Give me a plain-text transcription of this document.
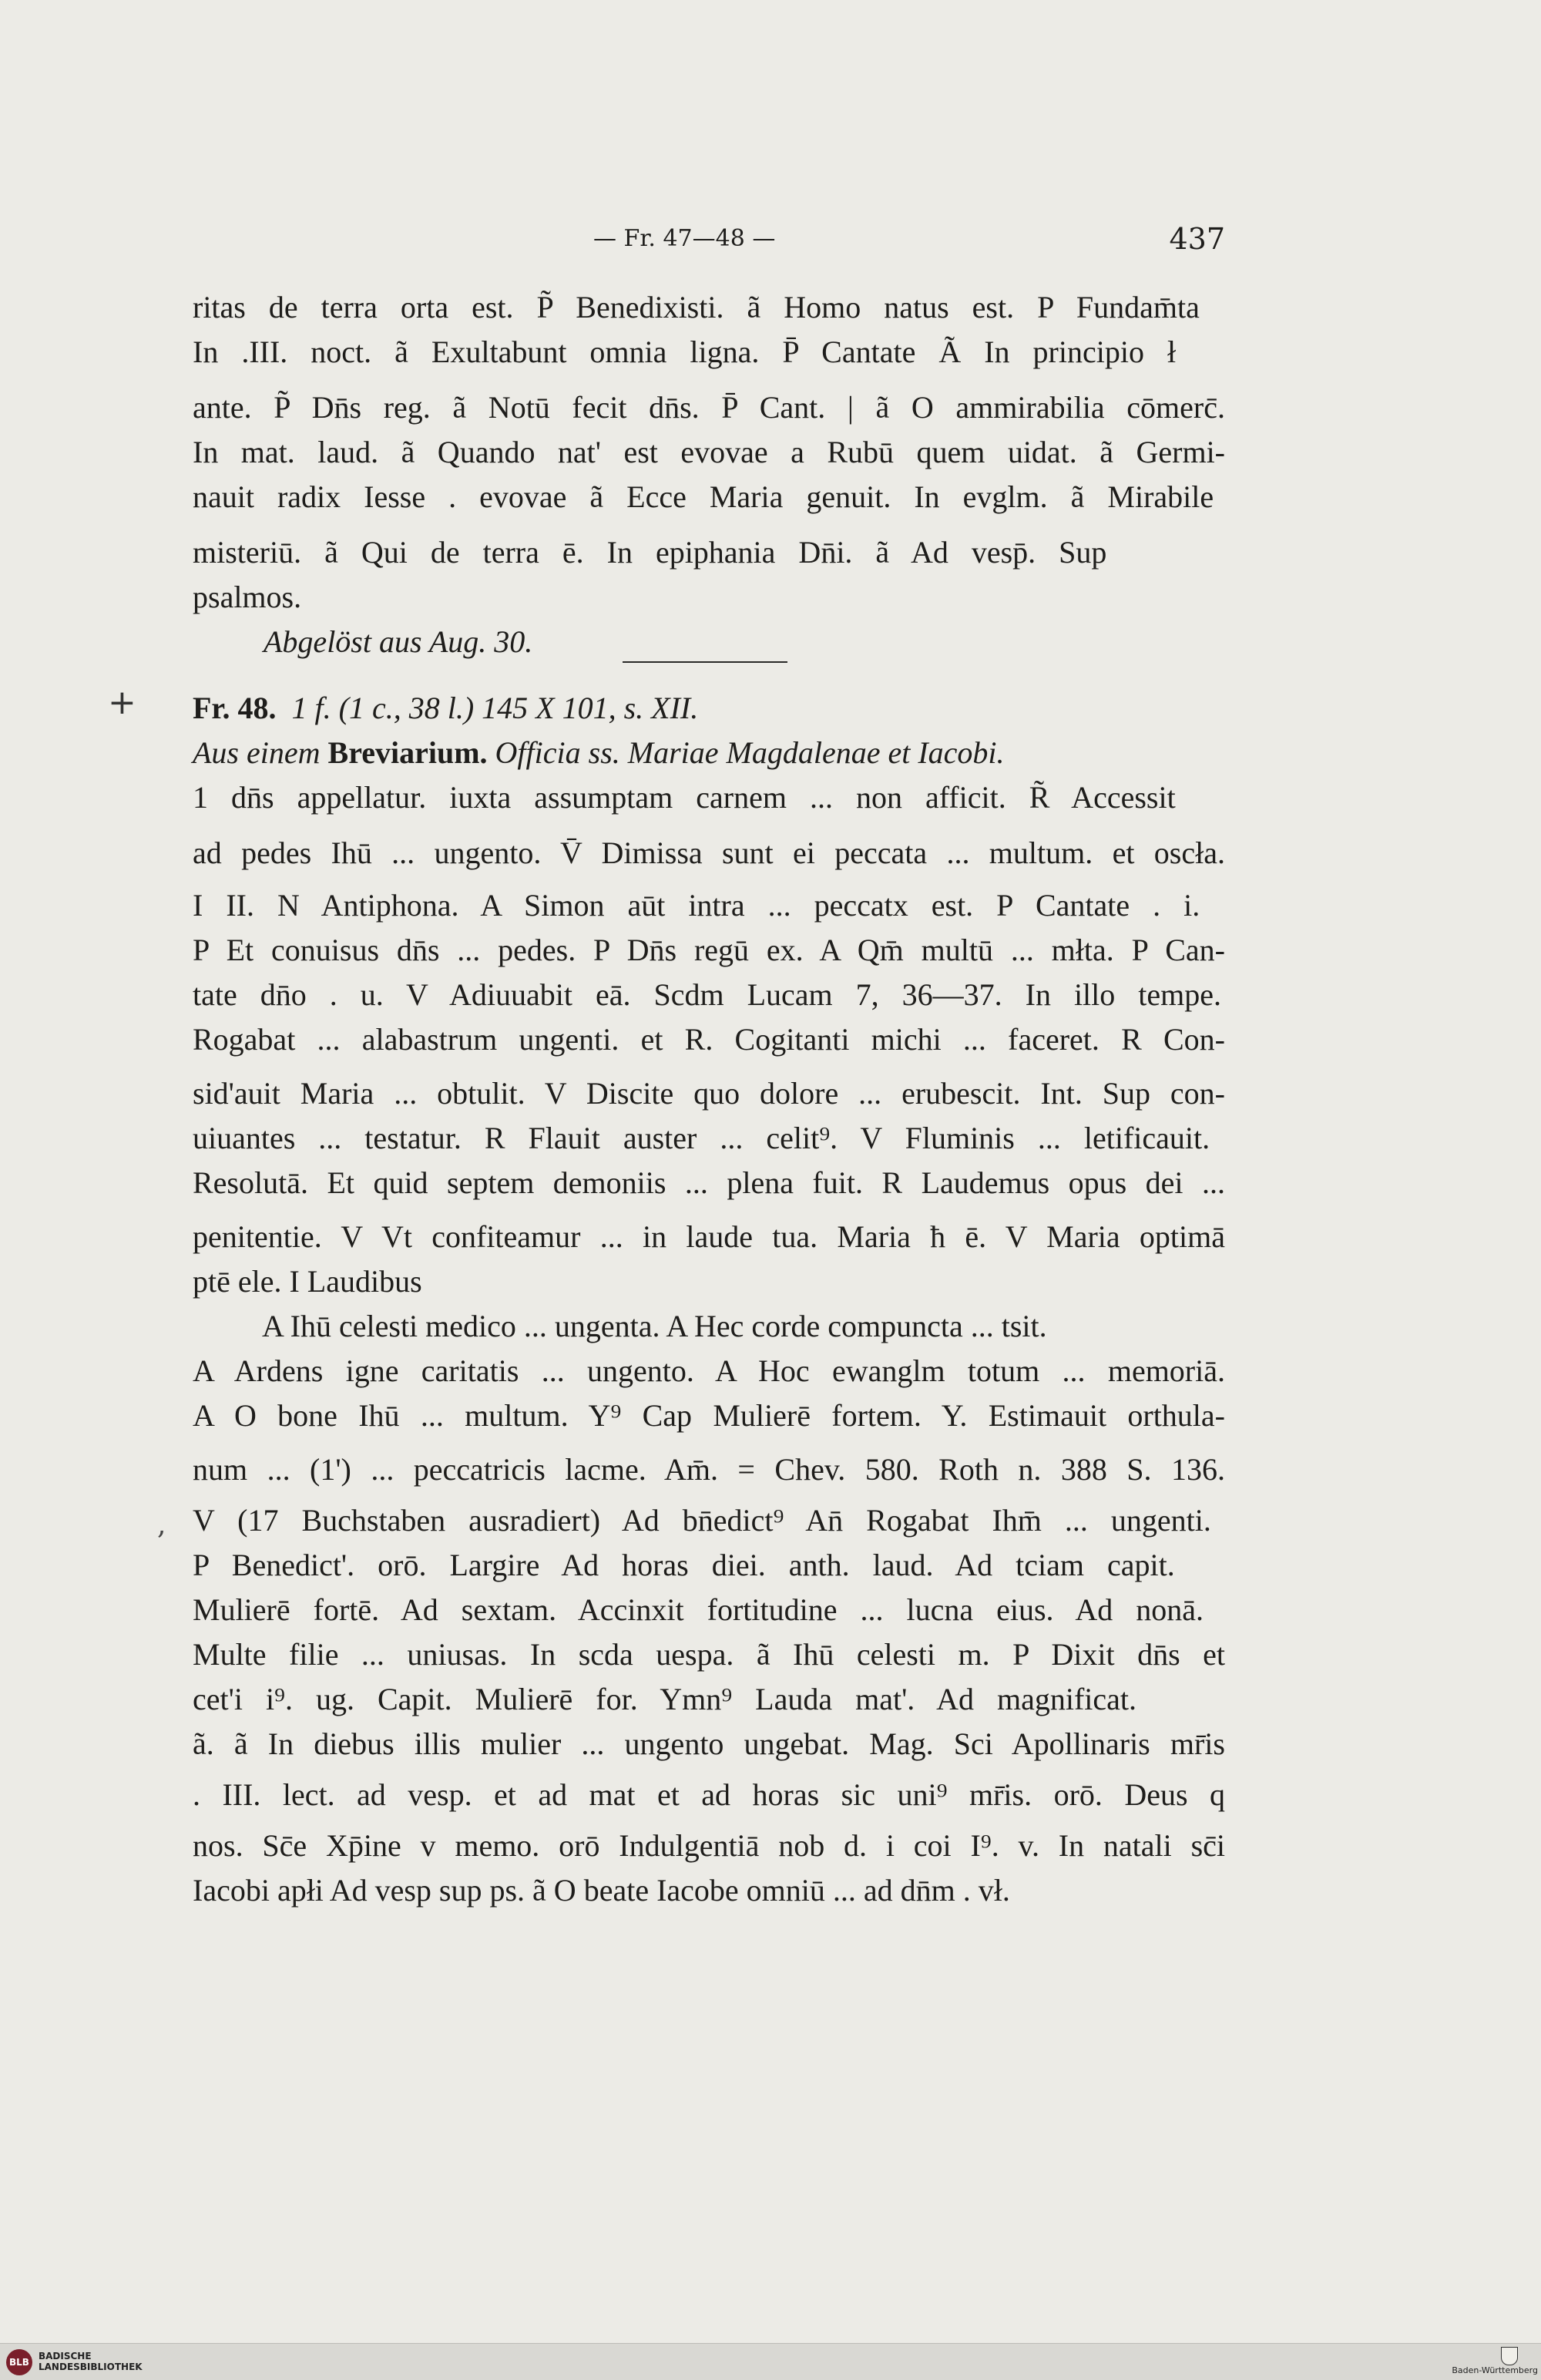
— Fr. 47—48 —	437
ritas de terra orta est. P̃ Benedixisti. ã Homo natus est. P Fundam̄ta
In .III. noct. ã Exultabunt omnia ligna. P̄ Cantate Ã In principio ł
ante. P̃ Dn̄s reg. ã Notū fecit dn̄s. P̄ Cant. | ã O ammirabilia cōmerc̄.
In mat. laud. ã Quando nat' est evovae a Rubū quem uidat. ã Germi-
nauit radix Iesse . evovae ã Ecce Maria genuit. In evglm. ã Mirabile
misteriū. ã Qui de terra ē. In epiphania Dn̄i. ã Ad vesp̄. Sup
psalmos.
Abgelöst aus Aug. 30.
+ Fr. 48. 1 f. (1 c., 38 l.) 145 X 101, s. XII.
Aus einem Breviarium. Officia ss. Mariae Magdalenae et Iacobi.
1 dn̄s appellatur. iuxta assumptam carnem ... non afficit. R̃ Accessit
ad pedes Ihū ... ungento. V̄ Dimissa sunt ei peccata ... multum. et oscła.
I II. N Antiphona. A Simon aūt intra ... peccatx est. P Cantate . i.
P Et conuisus dn̄s ... pedes. P Dn̄s regū ex. A Qm̄ multū ... młta. P Can-
tate dn̄o . u. V Adiuuabit eā. Scdm Lucam 7, 36—37. In illo tempe.
Rogabat ... alabastrum ungenti. et R. Cogitanti michi ... faceret. R Con-
sid'auit Maria ... obtulit. V Discite quo dolore ... erubescit. Int. Sup con-
uiuantes ... testatur. R Flauit auster ... celit⁹. V Fluminis ... letificauit.
Resolutā. Et quid septem demoniis ... plena fuit. R Laudemus opus dei ...
penitentie. V Vt confiteamur ... in laude tua. Maria ħ ē. V Maria optimā
ptē ele. I Laudibus
A Ihū celesti medico ... ungenta. A Hec corde compuncta ... tsit.
A Ardens igne caritatis ... ungento. A Hoc ewanglm totum ... memoriā.
A O bone Ihū ... multum. Y⁹ Cap Mulierē fortem. Y. Estimauit orthula-
num ... (1') ... peccatricis lacme. Am̄. = Chev. 580. Roth n. 388 S. 136.
V (17 Buchstaben ausradiert) Ad bn̄edict⁹ An̄ Rogabat Ihm̄ ... ungenti.
P Benedict'. orō. Largire Ad horas diei. anth. laud. Ad tciam capit.
Mulierē fortē. Ad sextam. Accinxit fortitudine ... lucna eius. Ad nonā.
Multe filie ... uniusas. In scda uespa. ã Ihū celesti m. P Dixit dn̄s et
cet'i i⁹. ug. Capit. Mulierē for. Ymn⁹ Lauda mat'. Ad magnificat.
ã. ã In diebus illis mulier ... ungento ungebat. Mag. Sci Apollinaris mr̄is
. III. lect. ad vesp. et ad mat et ad horas sic uni⁹ mr̄is. orō. Deus q
nos. Sc̄e Xp̄ine v memo. orō Indulgentiā nob d. i coi I⁹. v. In natali sc̄i
Iacobi apłi Ad vesp sup ps. ã O beate Iacobe omniū ... ad dn̄m . vł.
,
BLB
BADISCHE
LANDESBIBLIOTHEK	Baden-Württemberg
